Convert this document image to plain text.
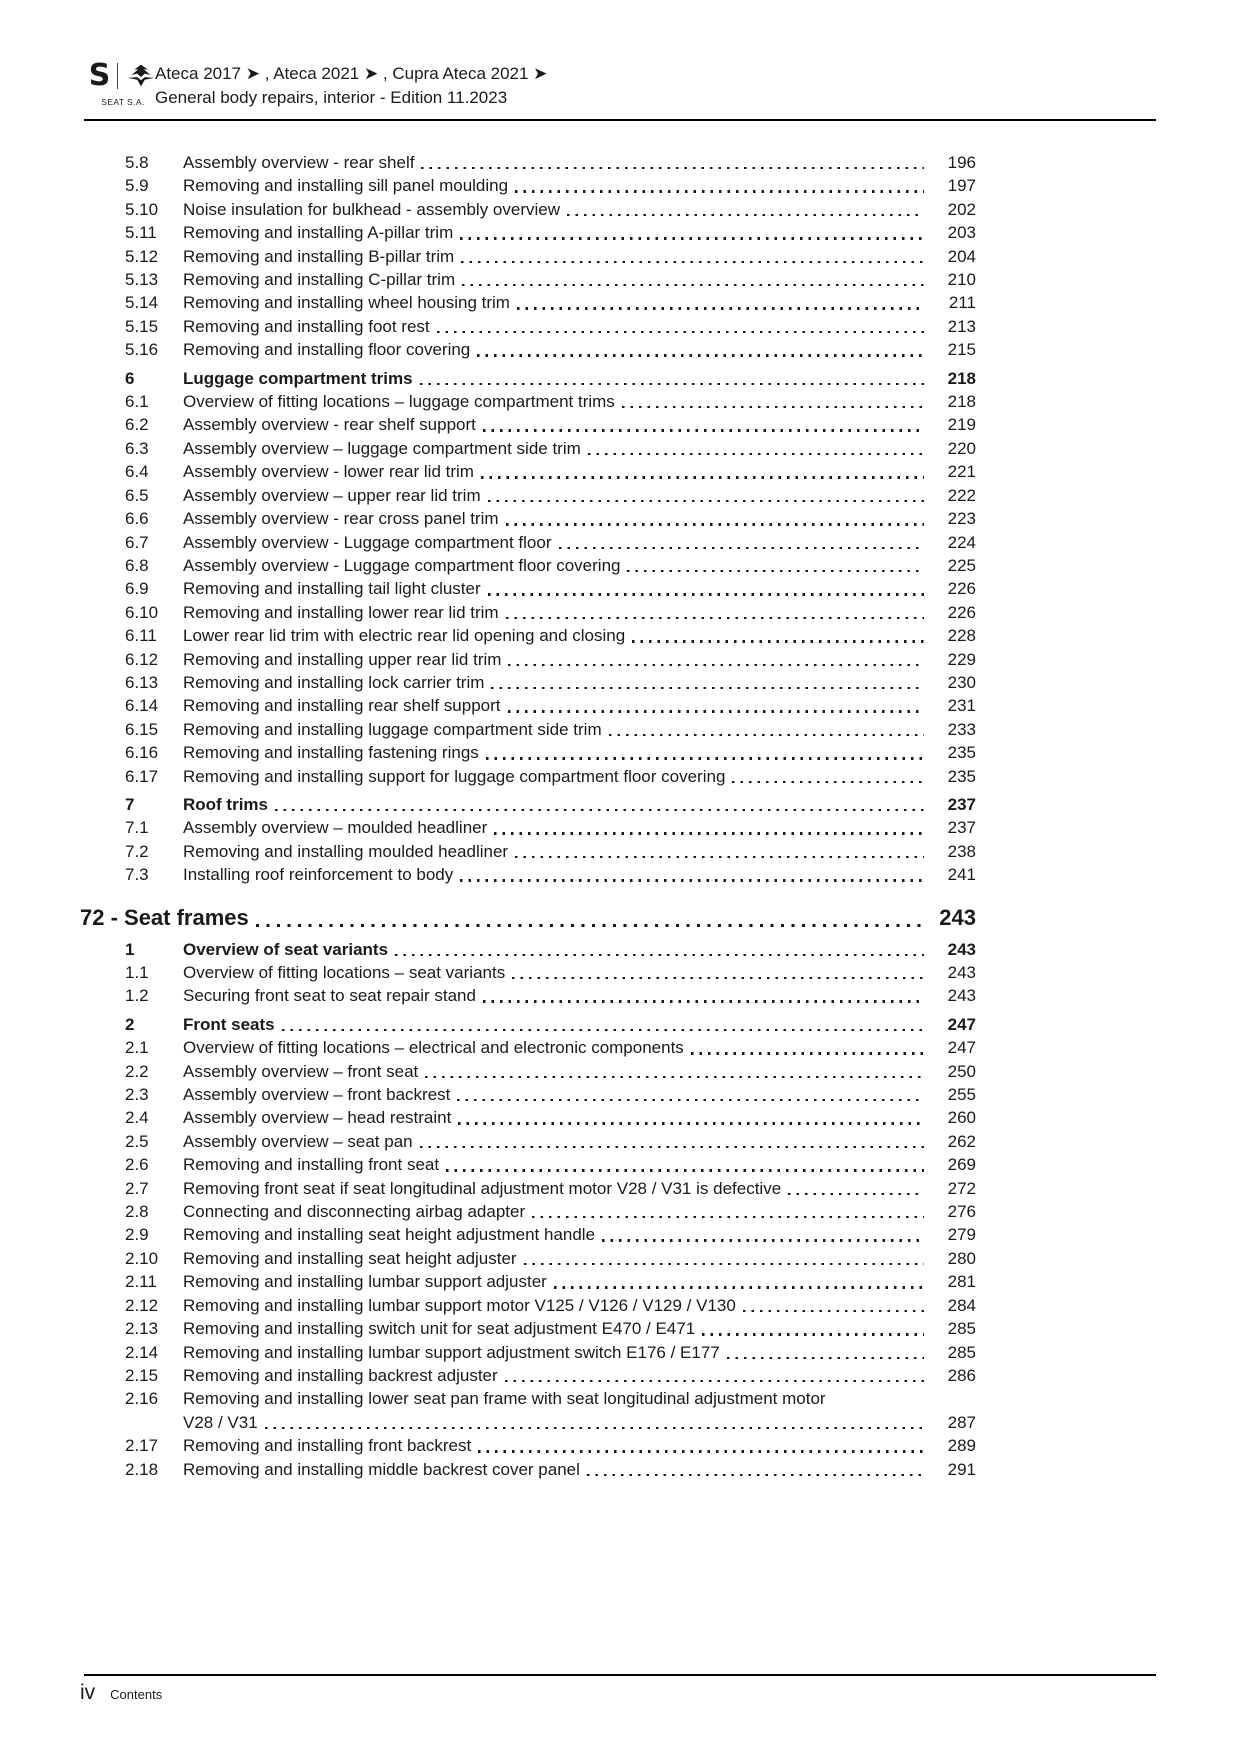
S
SEAT S.A.
Ateca 2017 ➤ , Ateca 2021 ➤ , Cupra Ateca 2021 ➤
General body repairs, interior - Edition 11.2023
5.8	Assembly overview - rear shelf	196
5.9	Removing and installing sill panel moulding	197
5.10	Noise insulation for bulkhead - assembly overview	202
5.11	Removing and installing A-pillar trim	203
5.12	Removing and installing B-pillar trim	204
5.13	Removing and installing C-pillar trim	210
5.14	Removing and installing wheel housing trim	211
5.15	Removing and installing foot rest	213
5.16	Removing and installing floor covering	215
6	Luggage compartment trims	218
6.1	Overview of fitting locations – luggage compartment trims	218
6.2	Assembly overview - rear shelf support	219
6.3	Assembly overview – luggage compartment side trim	220
6.4	Assembly overview - lower rear lid trim	221
6.5	Assembly overview – upper rear lid trim	222
6.6	Assembly overview - rear cross panel trim	223
6.7	Assembly overview - Luggage compartment floor	224
6.8	Assembly overview - Luggage compartment floor covering	225
6.9	Removing and installing tail light cluster	226
6.10	Removing and installing lower rear lid trim	226
6.11	Lower rear lid trim with electric rear lid opening and closing	228
6.12	Removing and installing upper rear lid trim	229
6.13	Removing and installing lock carrier trim	230
6.14	Removing and installing rear shelf support	231
6.15	Removing and installing luggage compartment side trim	233
6.16	Removing and installing fastening rings	235
6.17	Removing and installing support for luggage compartment floor covering	235
7	Roof trims	237
7.1	Assembly overview – moulded headliner	237
7.2	Removing and installing moulded headliner	238
7.3	Installing roof reinforcement to body	241
72 - Seat frames	243
1	Overview of seat variants	243
1.1	Overview of fitting locations – seat variants	243
1.2	Securing front seat to seat repair stand	243
2	Front seats	247
2.1	Overview of fitting locations – electrical and electronic components	247
2.2	Assembly overview – front seat	250
2.3	Assembly overview – front backrest	255
2.4	Assembly overview – head restraint	260
2.5	Assembly overview – seat pan	262
2.6	Removing and installing front seat	269
2.7	Removing front seat if seat longitudinal adjustment motor V28 / V31 is defective	272
2.8	Connecting and disconnecting airbag adapter	276
2.9	Removing and installing seat height adjustment handle	279
2.10	Removing and installing seat height adjuster	280
2.11	Removing and installing lumbar support adjuster	281
2.12	Removing and installing lumbar support motor V125 / V126 / V129 / V130	284
2.13	Removing and installing switch unit for seat adjustment E470 / E471	285
2.14	Removing and installing lumbar support adjustment switch E176 / E177	285
2.15	Removing and installing backrest adjuster	286
2.16	Removing and installing lower seat pan frame with seat longitudinal adjustment motor
V28 / V31	287
2.17	Removing and installing front backrest	289
2.18	Removing and installing middle backrest cover panel	291
iv Contents
